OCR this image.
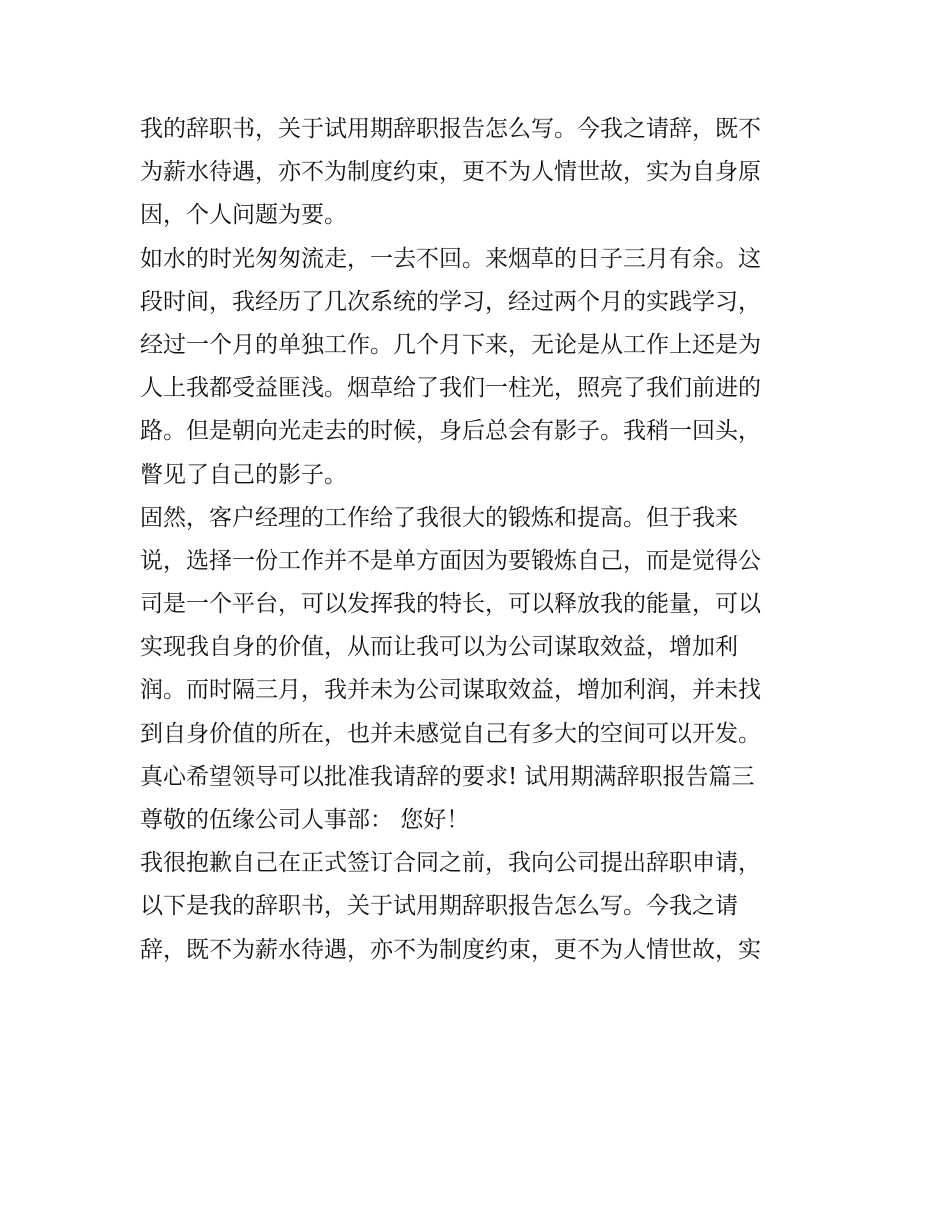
我的辞职书，关于试用期辞职报告怎么写。今我之请辞，既不
为薪水待遇，亦不为制度约束，更不为人情世故，实为自身原
因，个人问题为要。
如水的时光匆匆流走，一去不回。来烟草的日子三月有余。这
段时间，我经历了几次系统的学习，经过两个月的实践学习，
经过一个月的单独工作。几个月下来，无论是从工作上还是为
人上我都受益匪浅。烟草给了我们一柱光，照亮了我们前进的
路。但是朝向光走去的时候，身后总会有影子。我稍一回头，
瞥见了自己的影子。
固然，客户经理的工作给了我很大的锻炼和提高。但于我来
说，选择一份工作并不是单方面因为要锻炼自己，而是觉得公
司是一个平台，可以发挥我的特长，可以释放我的能量，可以
实现我自身的价值，从而让我可以为公司谋取效益，增加利
润。而时隔三月，我并未为公司谋取效益，增加利润，并未找
到自身价值的所在，也并未感觉自己有多大的空间可以开发。
真心希望领导可以批准我请辞的要求! 试用期满辞职报告篇三
尊敬的伍缘公司人事部： 您好！
我很抱歉自己在正式签订合同之前，我向公司提出辞职申请，
以下是我的辞职书，关于试用期辞职报告怎么写。今我之请
辞，既不为薪水待遇，亦不为制度约束，更不为人情世故，实
